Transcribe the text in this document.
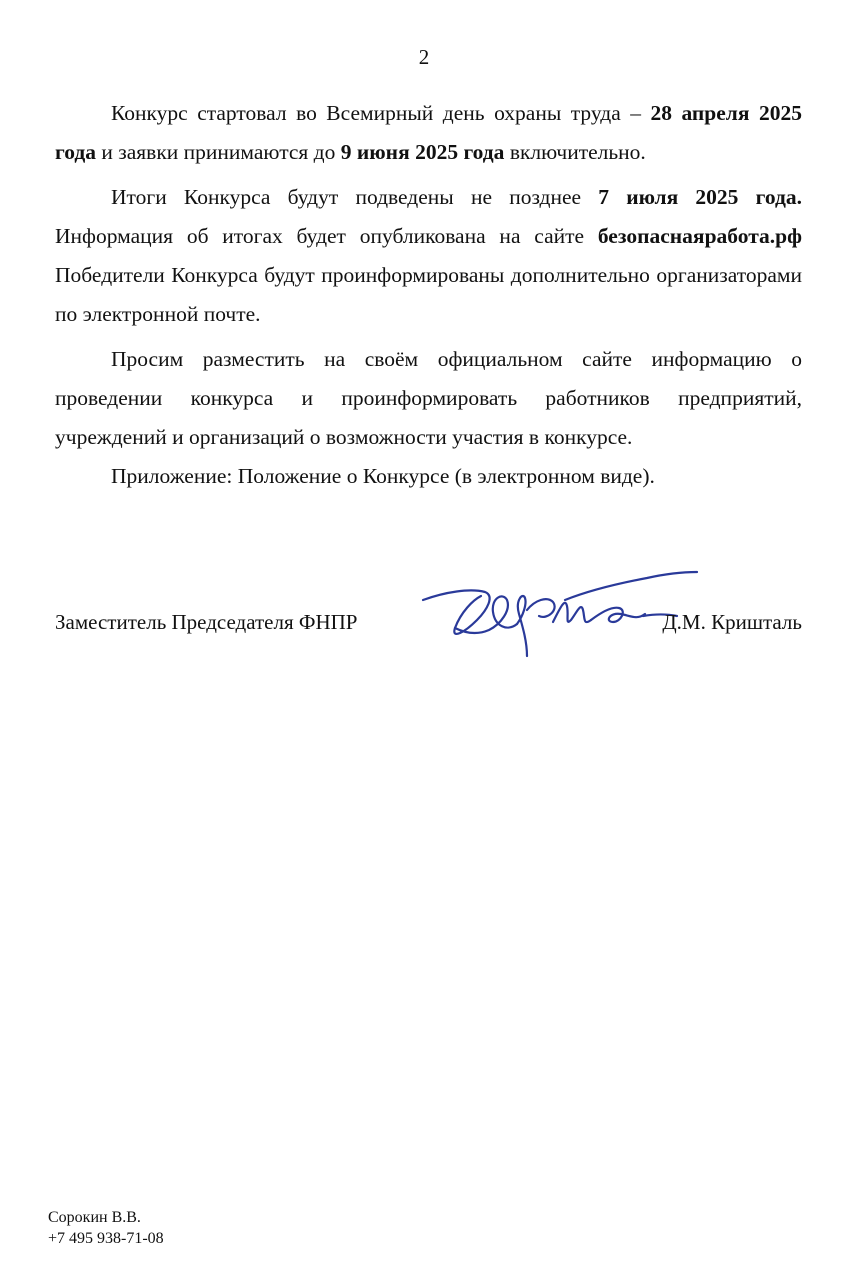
2

Конкурс стартовал во Всемирный день охраны труда – 28 апреля 2025 года и заявки принимаются до 9 июня 2025 года включительно.

Итоги Конкурса будут подведены не позднее 7 июля 2025 года. Информация об итогах будет опубликована на сайте безопаснаяработа.рф Победители Конкурса будут проинформированы дополнительно организаторами по электронной почте.

Просим разместить на своём официальном сайте информацию о проведении конкурса и проинформировать работников предприятий, учреждений и организаций о возможности участия в конкурсе.

Приложение: Положение о Конкурсе (в электронном виде).

Заместитель Председателя ФНПР	Д.М. Кришталь
Сорокин В.В.
+7 495 938-71-08
